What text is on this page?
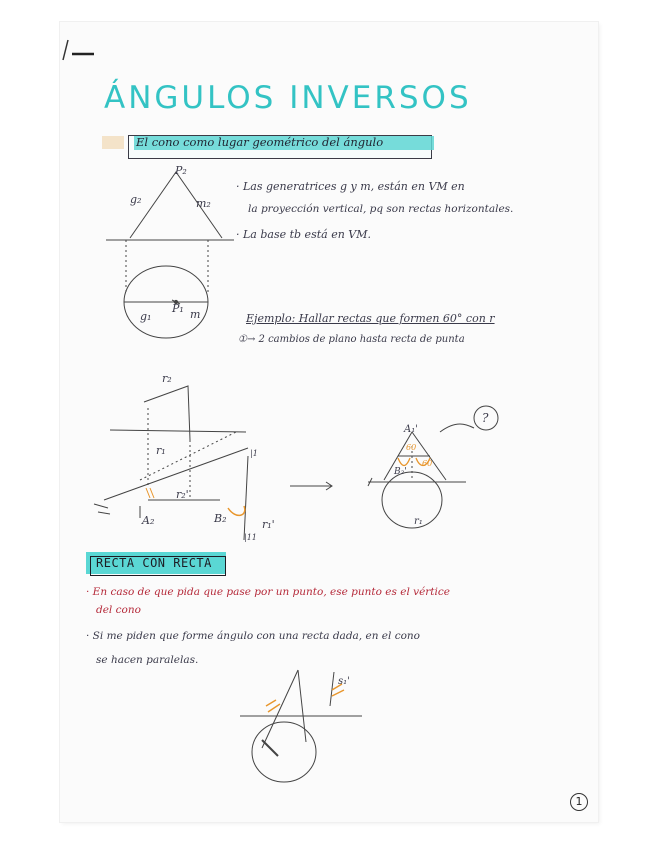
ÁNGULOS INVERSOS
El cono como lugar geométrico del ángulo
· Las generatrices g y m, están en VM en
la proyección vertical, pq son rectas horizontales.
· La base tb está en VM.
Ejemplo: Hallar rectas que formen 60° con r
①→ 2 cambios de plano hasta recta de punta
P₂
g₂	m₂
g₁
P₁ m
r₂
r₁
r₂'
A₂	B₂	r₁'
|1
|11
A₁'
B₂'
?
r₁
60
60
s₁'
RECTA CON RECTA
· En caso de que pida que pase por un punto, ese punto es el vértice
del cono
· Si me piden que forme ángulo con una recta dada, en el cono
se hacen paralelas.
1
